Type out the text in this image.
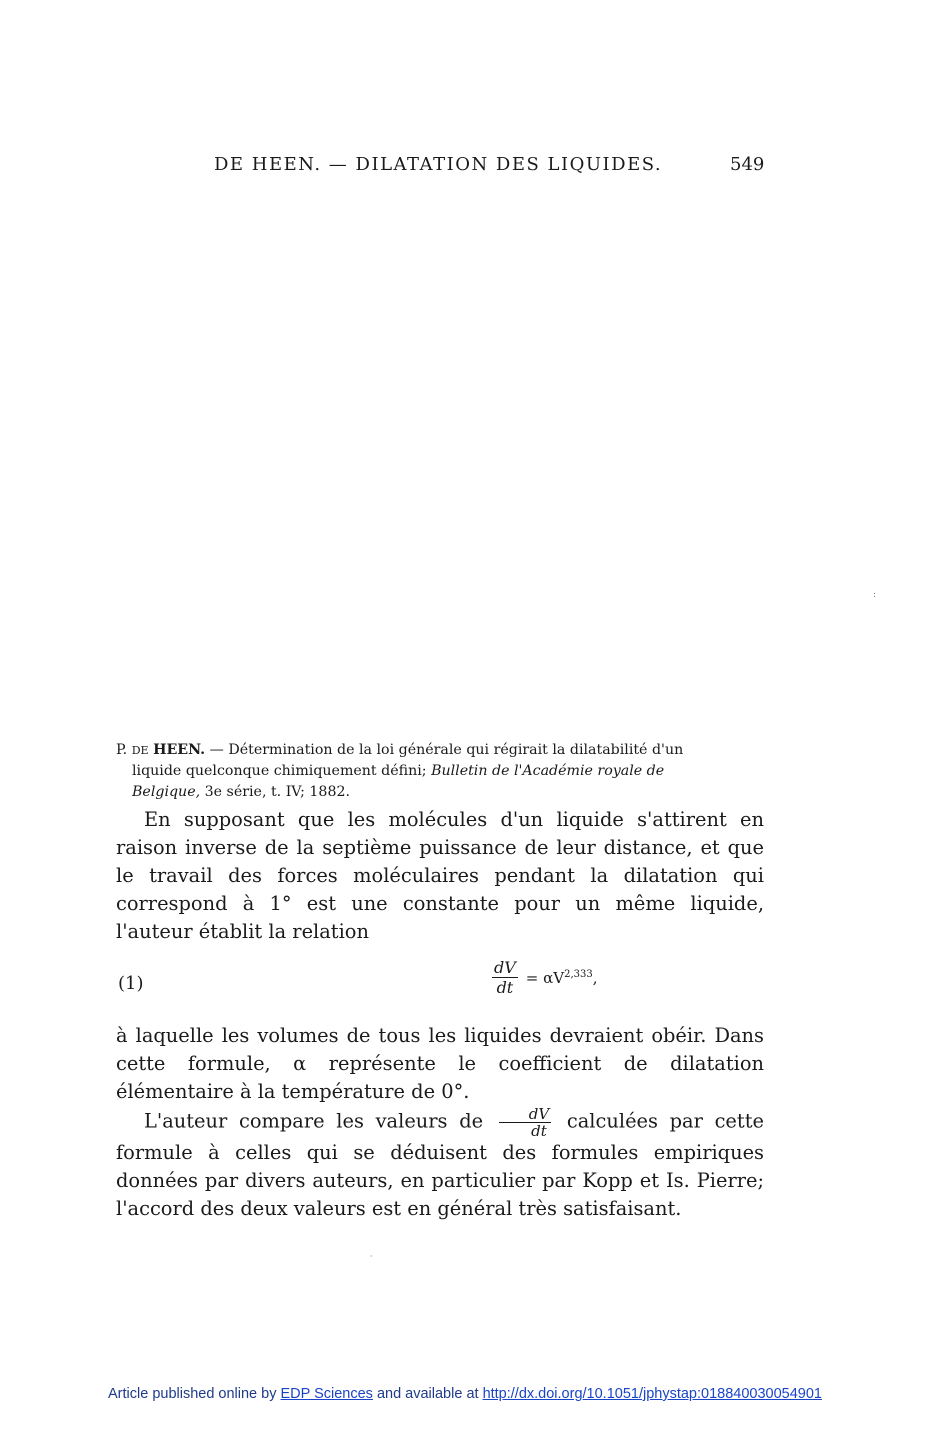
DE HEEN. — DILATATION DES LIQUIDES.	549
:
P. DE HEEN. — Détermination de la loi générale qui régirait la dilatabilité d'un
liquide quelconque chimiquement défini; Bulletin de l'Académie royale de
Belgique, 3e série, t. IV; 1882.

En supposant que les molécules d'un liquide s'attirent en raison inverse de la septième puissance de leur distance, et que le travail des forces moléculaires pendant la dilatation qui correspond à 1° est une constante pour un même liquide, l'auteur établit la relation

(1)	$\frac{dV}{dt} = \alpha V^{2,333}$,

à laquelle les volumes de tous les liquides devraient obéir. Dans cette formule, α représente le coefficient de dilatation élémentaire à la température de 0°.

L'auteur compare les valeurs de $\frac{dV}{dt}$ calculées par cette formule à celles qui se déduisent des formules empiriques données par divers auteurs, en particulier par Kopp et Is. Pierre; l'accord des deux valeurs est en général très satisfaisant.

·
Article published online by EDP Sciences and available at http://dx.doi.org/10.1051/jphystap:018840030054901
